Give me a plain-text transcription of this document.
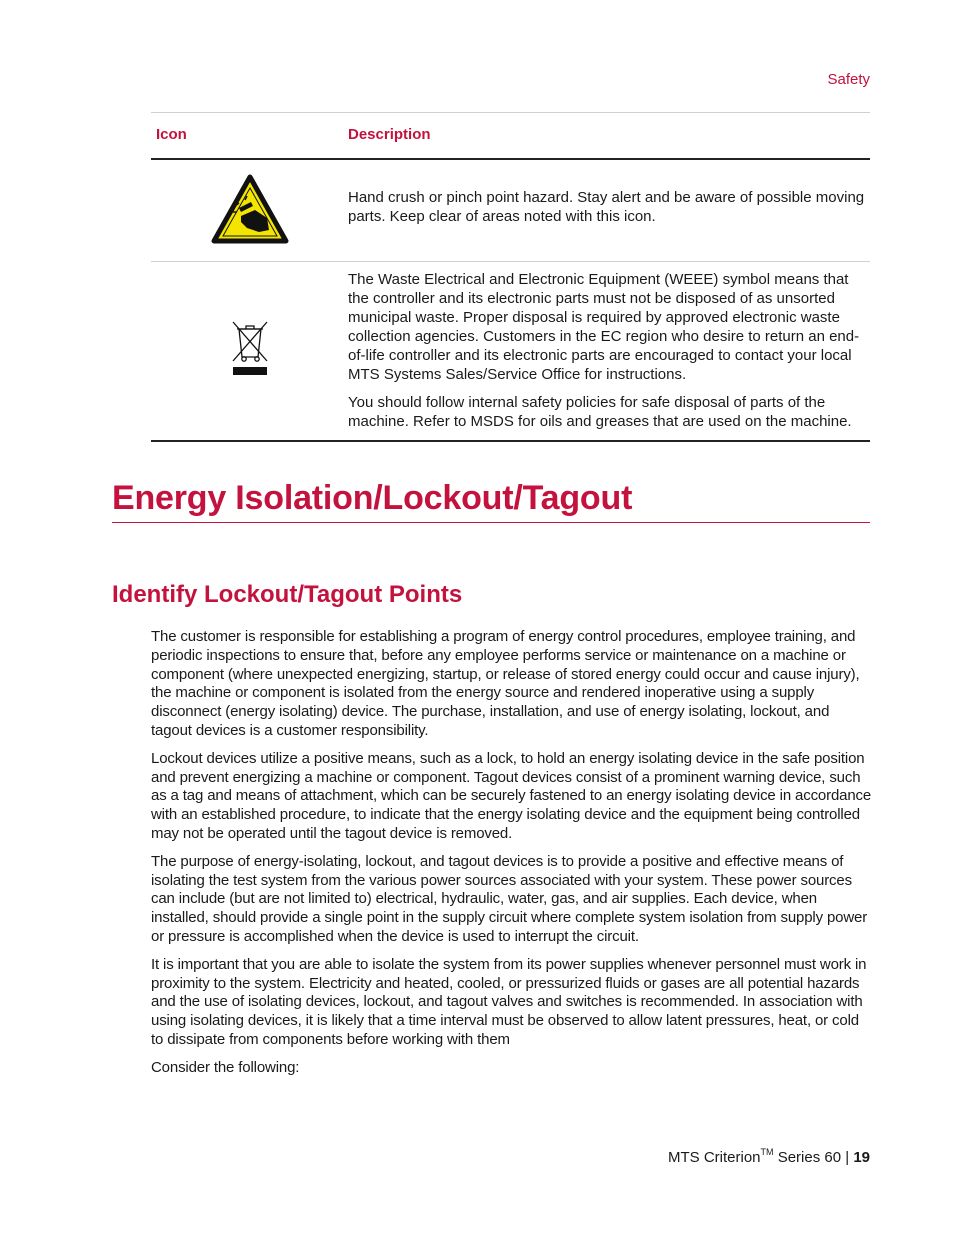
Safety
Icon	Description

Hand crush or pinch point hazard. Stay alert and be aware of possible moving parts. Keep clear of areas noted with this icon.

The Waste Electrical and Electronic Equipment (WEEE) symbol means that the controller and its electronic parts must not be disposed of as unsorted municipal waste. Proper disposal is required by approved electronic waste collection agencies. Customers in the EC region who desire to return an end-of-life controller and its electronic parts are encouraged to contact your local MTS Systems Sales/Service Office for instructions.

You should follow internal safety policies for safe disposal of parts of the machine. Refer to MSDS for oils and greases that are used on the machine.

Energy Isolation/Lockout/Tagout
Identify Lockout/Tagout Points

The customer is responsible for establishing a program of energy control procedures, employee training, and periodic inspections to ensure that, before any employee performs service or maintenance on a machine or component (where unexpected energizing, startup, or release of stored energy could occur and cause injury), the machine or component is isolated from the energy source and rendered inoperative using a supply disconnect (energy isolating) device. The purchase, installation, and use of energy isolating, lockout, and tagout devices is a customer responsibility.

Lockout devices utilize a positive means, such as a lock, to hold an energy isolating device in the safe position and prevent energizing a machine or component. Tagout devices consist of a prominent warning device, such as a tag and means of attachment, which can be securely fastened to an energy isolating device in accordance with an established procedure, to indicate that the energy isolating device and the equipment being controlled may not be operated until the tagout device is removed.

The purpose of energy-isolating, lockout, and tagout devices is to provide a positive and effective means of isolating the test system from the various power sources associated with your system. These power sources can include (but are not limited to) electrical, hydraulic, water, gas, and air supplies. Each device, when installed, should provide a single point in the supply circuit where complete system isolation from supply power or pressure is accomplished when the device is used to interrupt the circuit.

It is important that you are able to isolate the system from its power supplies whenever personnel must work in proximity to the system. Electricity and heated, cooled, or pressurized fluids or gases are all potential hazards and the use of isolating devices, lockout, and tagout valves and switches is recommended. In association with using isolating devices, it is likely that a time interval must be observed to allow latent pressures, heat, or cold to dissipate from components before working with them

Consider the following:

MTS Criterion™ Series 60 | 19
